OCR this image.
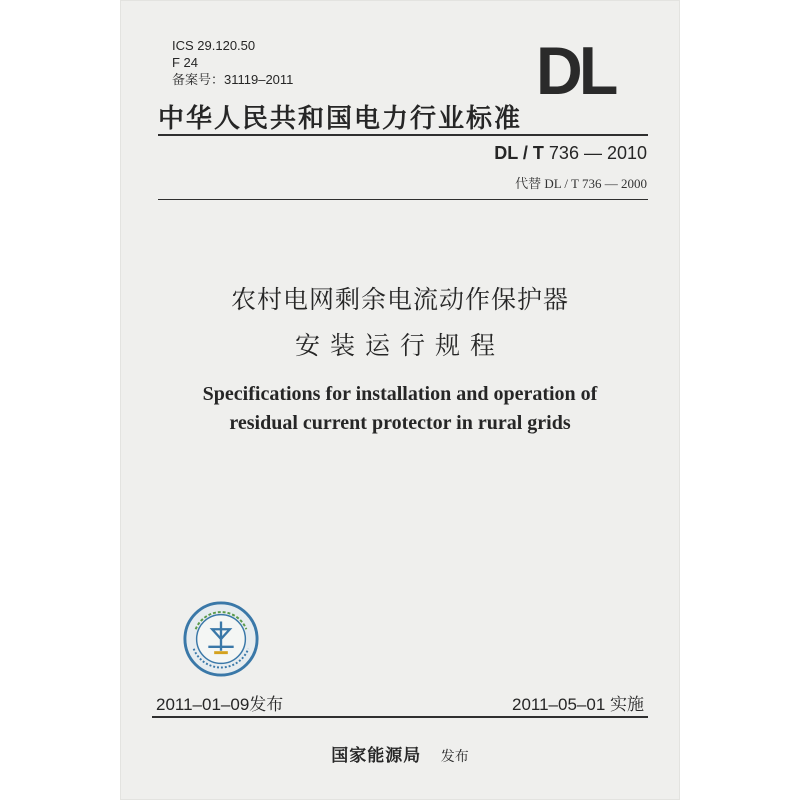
ICS 29.120.50
F 24
备案号：31119–2011	DL
中华人民共和国电力行业标准
DL / T 736 — 2010
代替 DL / T 736 — 2000
农村电网剩余电流动作保护器
安装运行规程
Specifications for installation and operation of
residual current protector in rural grids
2011–01–09发布	2011–05–01 实施
国家能源局 发布
